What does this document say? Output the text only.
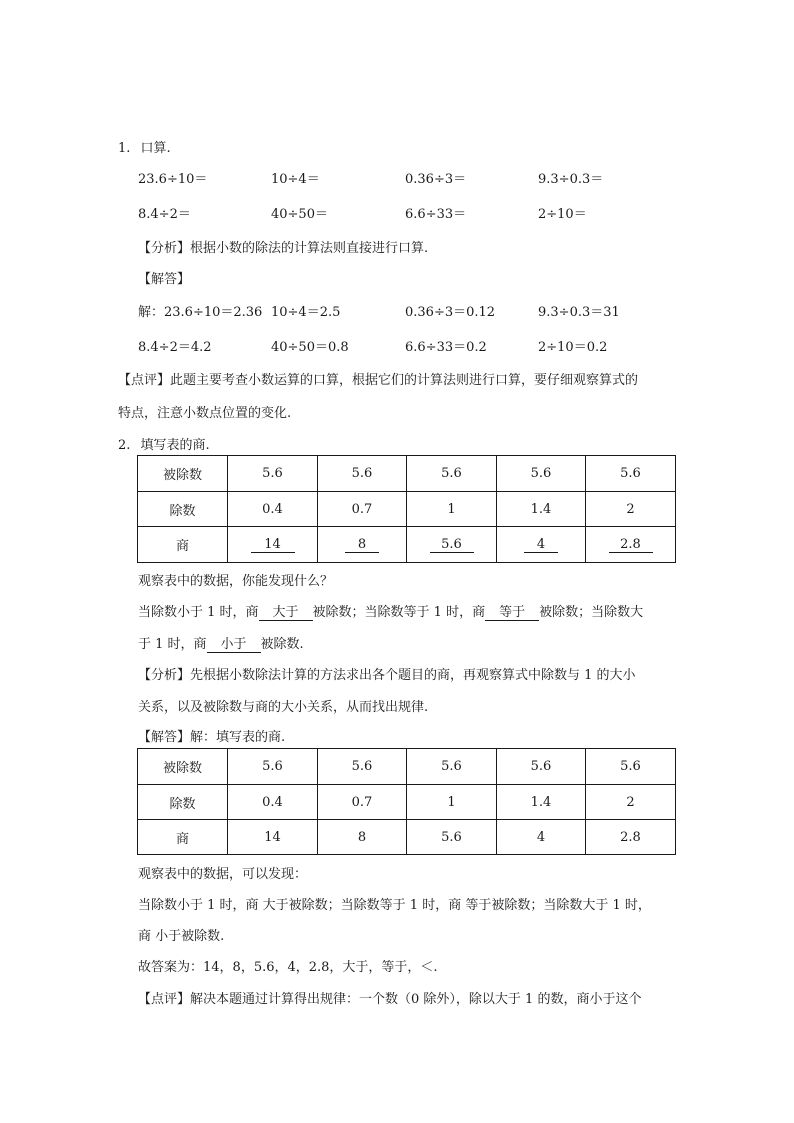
1. 口算.
23.6÷10＝	10÷4＝	0.36÷3＝	9.3÷0.3＝
8.4÷2＝	40÷50＝	6.6÷33＝	2÷10＝
【分析】根据小数的除法的计算法则直接进行口算.
【解答】
解：23.6÷10＝2.36 10÷4＝2.5	0.36÷3＝0.12	9.3÷0.3＝31
8.4÷2＝4.2	40÷50＝0.8	6.6÷33＝0.2	2÷10＝0.2
【点评】此题主要考查小数运算的口算，根据它们的计算法则进行口算，要仔细观察算式的
特点，注意小数点位置的变化.
2. 填写表的商.
被除数	5.6	5.6	5.6	5.6	5.6
除数	0.4	0.7	1	1.4	2
商	14	8	5.6	4	2.8
观察表中的数据，你能发现什么？
当除数小于 1 时，商 大于 被除数；当除数等于 1 时，商 等于 被除数；当除数大
于 1 时，商 小于 被除数.
【分析】先根据小数除法计算的方法求出各个题目的商，再观察算式中除数与 1 的大小
关系，以及被除数与商的大小关系，从而找出规律.
【解答】解：填写表的商.
被除数	5.6	5.6	5.6	5.6	5.6
除数	0.4	0.7	1	1.4	2
商	14	8	5.6	4	2.8
观察表中的数据，可以发现：
当除数小于 1 时，商 大于被除数；当除数等于 1 时，商 等于被除数；当除数大于 1 时，
商 小于被除数.
故答案为：14，8，5.6，4，2.8，大于，等于，＜.
【点评】解决本题通过计算得出规律：一个数（0 除外），除以大于 1 的数，商小于这个
